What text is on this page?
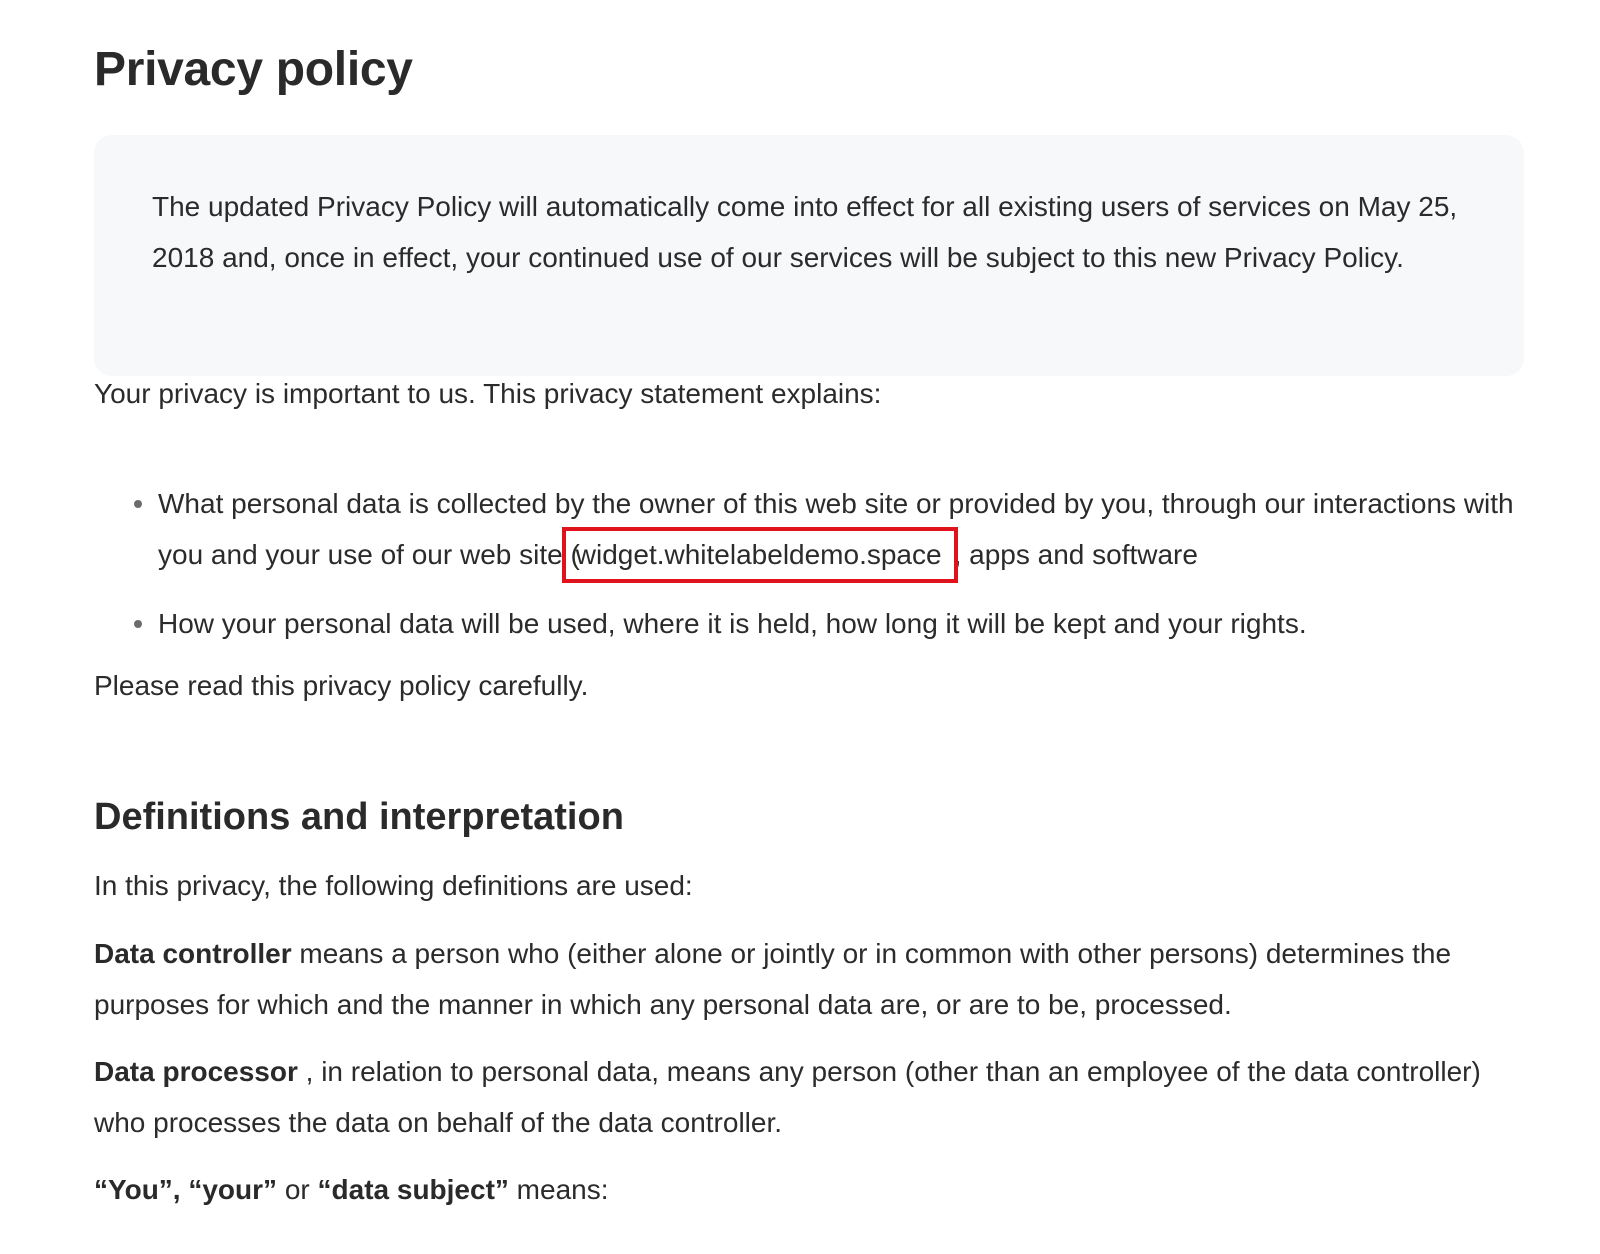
Privacy policy

The updated Privacy Policy will automatically come into effect for all existing users of services on May 25, 2018 and, once in effect, your continued use of our services will be subject to this new Privacy Policy.

Your privacy is important to us. This privacy statement explains:

What personal data is collected by the owner of this web site or provided by you, through our interactions with you and your use of our web site (widget.whitelabeldemo.space , apps and software
How your personal data will be used, where it is held, how long it will be kept and your rights.

Please read this privacy policy carefully.

Definitions and interpretation

In this privacy, the following definitions are used:

Data controller means a person who (either alone or jointly or in common with other persons) determines the purposes for which and the manner in which any personal data are, or are to be, processed.

Data processor , in relation to personal data, means any person (other than an employee of the data controller) who processes the data on behalf of the data controller.

“You”, “your” or “data subject” means:
